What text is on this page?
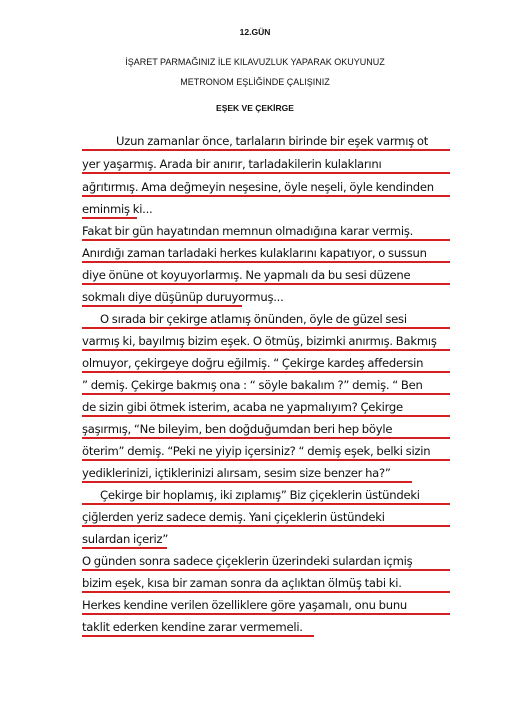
12.GÜN
İŞARET PARMAĞINIZ İLE KILAVUZLUK YAPARAK OKUYUNUZ
METRONOM EŞLİĞİNDE ÇALIŞINIZ
EŞEK VE ÇEKİRGE
Uzun zamanlar önce, tarlaların birinde bir eşek varmış ot
yer yaşarmış. Arada bir anırır, tarladakilerin kulaklarını
ağrıtırmış. Ama değmeyin neşesine, öyle neşeli, öyle kendinden
eminmiş ki...
Fakat bir gün hayatından memnun olmadığına karar vermiş.
Anırdığı zaman tarladaki herkes kulaklarını kapatıyor, o sussun
diye önüne ot koyuyorlarmış. Ne yapmalı da bu sesi düzene
sokmalı diye düşünüp duruyormuş...
O sırada bir çekirge atlamış önünden, öyle de güzel sesi
varmış ki, bayılmış bizim eşek. O ötmüş, bizimki anırmış. Bakmış
olmuyor, çekirgeye doğru eğilmiş. “ Çekirge kardeş affedersin
” demiş. Çekirge bakmış ona : “ söyle bakalım ?” demiş. “ Ben
de sizin gibi ötmek isterim, acaba ne yapmalıyım? Çekirge
şaşırmış, “Ne bileyim, ben doğduğumdan beri hep böyle
öterim” demiş. “Peki ne yiyip içersiniz? “ demiş eşek, belki sizin
yediklerinizi, içtiklerinizi alırsam, sesim size benzer ha?”
Çekirge bir hoplamış, iki zıplamış” Biz çiçeklerin üstündeki
çiğlerden yeriz sadece demiş. Yani çiçeklerin üstündeki
sulardan içeriz”
O günden sonra sadece çiçeklerin üzerindeki sulardan içmiş
bizim eşek, kısa bir zaman sonra da açlıktan ölmüş tabi ki.
Herkes kendine verilen özelliklere göre yaşamalı, onu bunu
taklit ederken kendine zarar vermemeli.
